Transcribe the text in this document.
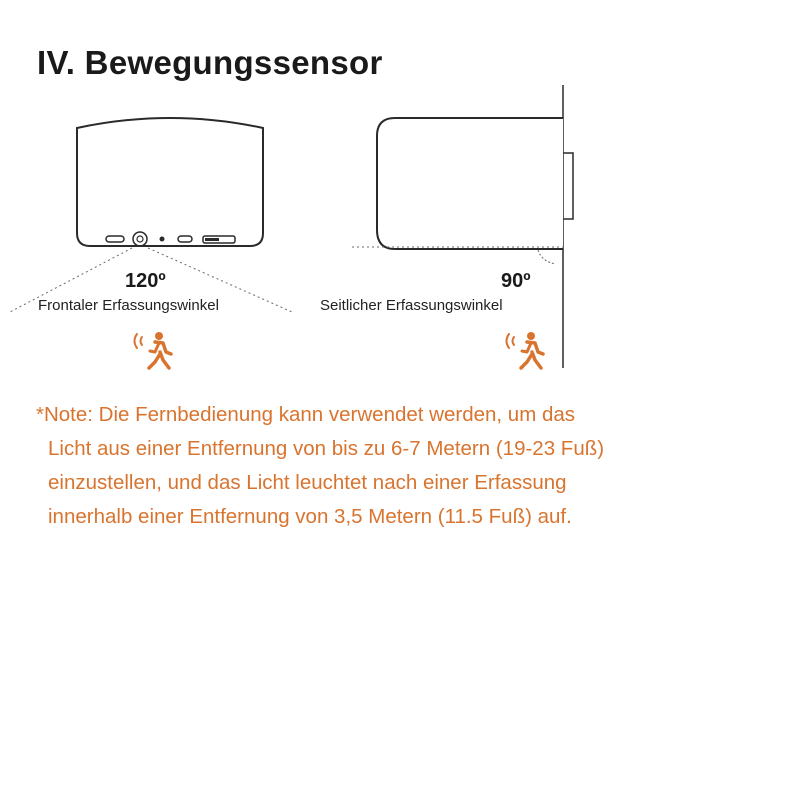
IV. Bewegungssensor
120º
Frontaler Erfassungswinkel
90º
Seitlicher Erfassungswinkel
*Note: Die Fernbedienung kann verwendet werden, um das
Licht aus einer Entfernung von bis zu 6-7 Metern (19-23 Fuß)
einzustellen, und das Licht leuchtet nach einer Erfassung
innerhalb einer Entfernung von 3,5 Metern (11.5 Fuß) auf.
